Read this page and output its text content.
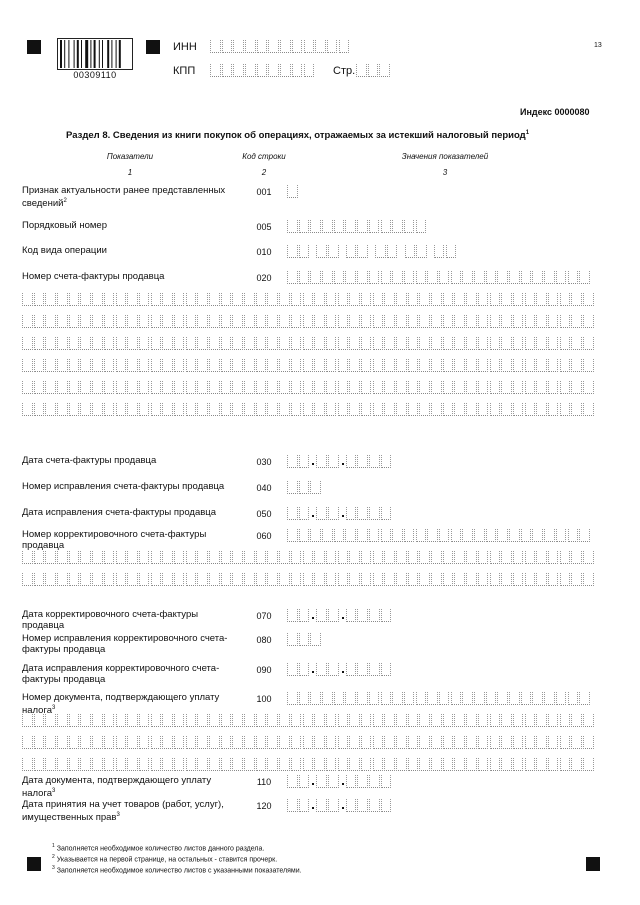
00309110
ИНН
КПП	Стр.
13
Индекс 0000080
Раздел 8. Сведения из книги покупок об операциях, отражаемых за истекший налоговый период$^1$
Показатели	Код строки	Значения показателей
1	2	3
Признак актуальности ранее представленных сведений$^2$
001
Порядковый номер	005
Код вида операции	010
Номер счета-фактуры продавца	020
Дата счета-фактуры продавца	030
Номер исправления счета-фактуры продавца	040
Дата исправления счета-фактуры продавца	050
Номер корректировочного счета-фактуры продавца
060
Дата корректировочного счета-фактуры продавца
070
Номер исправления корректировочного счета-фактуры продавца
080
Дата исправления корректировочного счета-фактуры продавца
090
Номер документа, подтверждающего уплату налога$^3$
100
Дата документа, подтверждающего уплату налога$^3$
110
Дата принятия на учет товаров (работ, услуг), имущественных прав$^3$
120
$^1$ Заполняется необходимое количество листов данного раздела.
$^2$ Указывается на первой странице, на остальных - ставится прочерк.
$^3$ Заполняется необходимое количество листов с указанными показателями.
